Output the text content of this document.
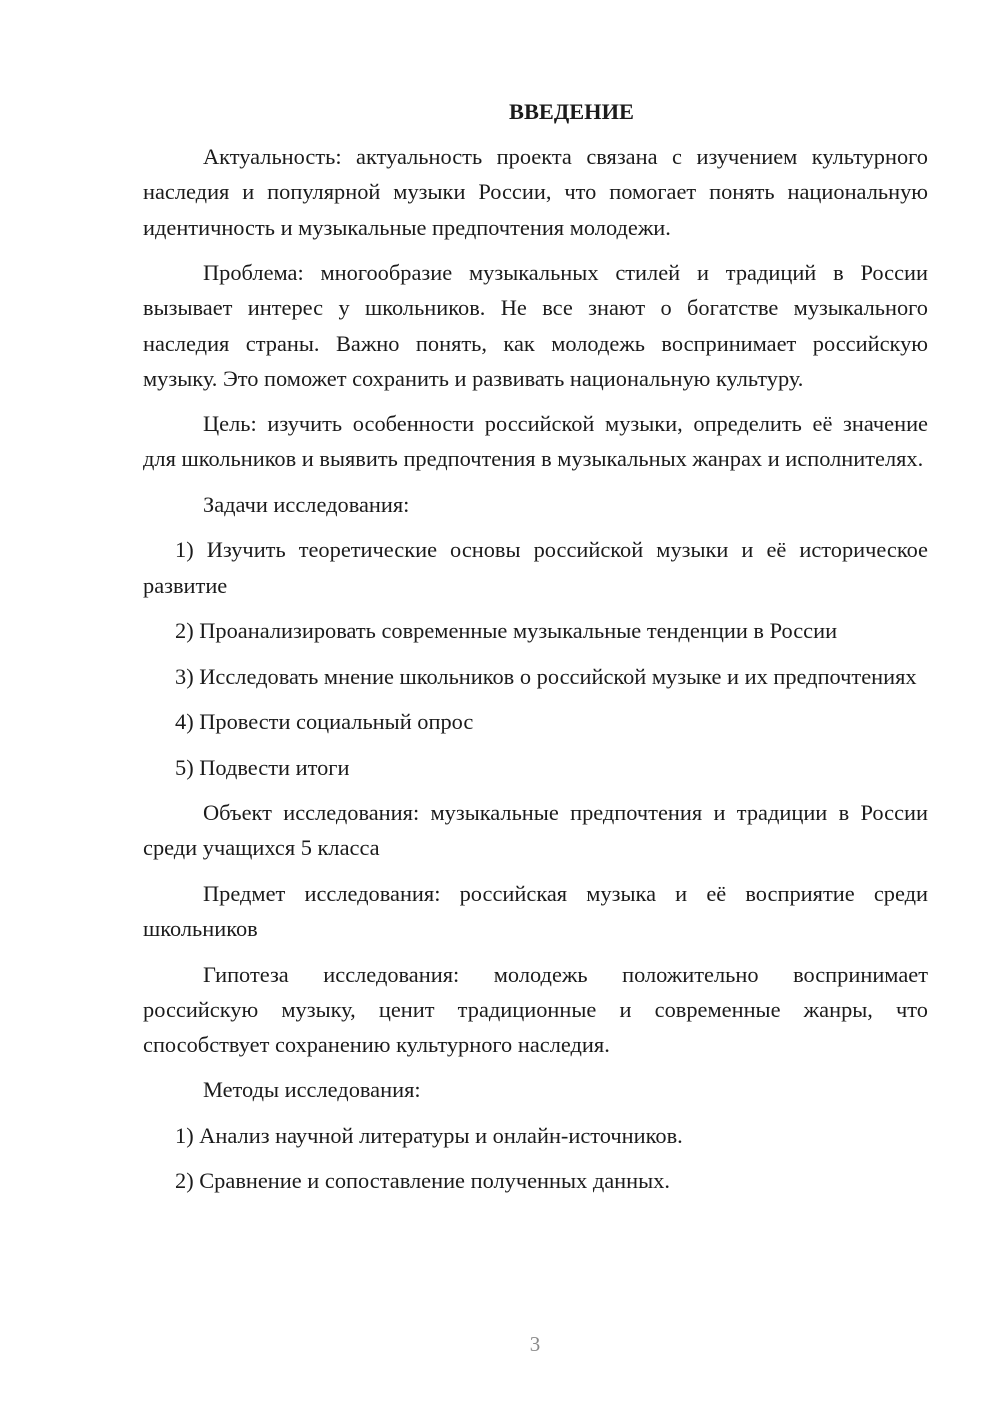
ВВЕДЕНИЕ

Актуальность: актуальность проекта связана с изучением культурного наследия и популярной музыки России, что помогает понять национальную идентичность и музыкальные предпочтения молодежи.

Проблема: многообразие музыкальных стилей и традиций в России вызывает интерес у школьников. Не все знают о богатстве музыкального наследия страны. Важно понять, как молодежь воспринимает российскую музыку. Это поможет сохранить и развивать национальную культуру.

Цель: изучить особенности российской музыки, определить её значение для школьников и выявить предпочтения в музыкальных жанрах и исполнителях.

Задачи исследования:

1) Изучить теоретические основы российской музыки и её историческое развитие

2) Проанализировать современные музыкальные тенденции в России

3) Исследовать мнение школьников о российской музыке и их предпочтениях

4) Провести социальный опрос

5) Подвести итоги

Объект исследования: музыкальные предпочтения и традиции в России среди учащихся 5 класса

Предмет исследования: российская музыка и её восприятие среди школьников

Гипотеза исследования: молодежь положительно воспринимает российскую музыку, ценит традиционные и современные жанры, что способствует сохранению культурного наследия.

Методы исследования:

1) Анализ научной литературы и онлайн-источников.

2) Сравнение и сопоставление полученных данных.

3
